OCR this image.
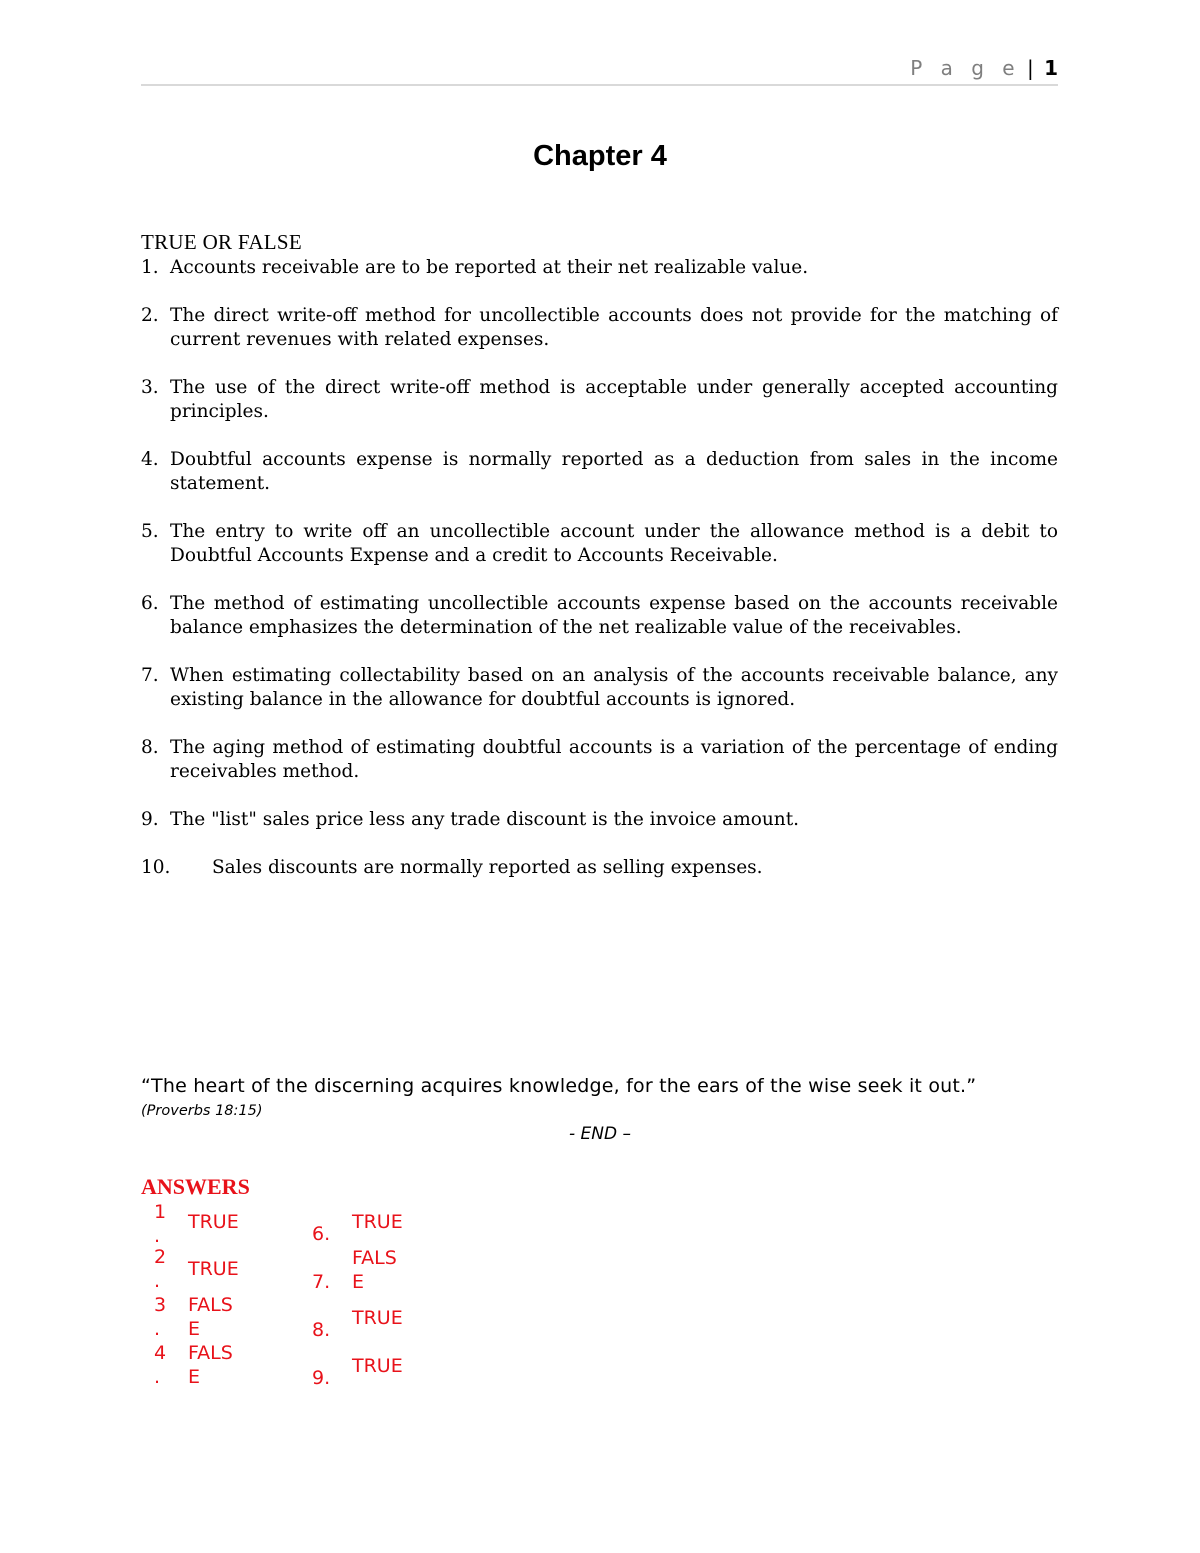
P a g e | 1
Chapter 4
TRUE OR FALSE
1. Accounts receivable are to be reported at their net realizable value.
2. The direct write-off method for uncollectible accounts does not provide for the matching of current revenues with related expenses.
3. The use of the direct write-off method is acceptable under generally accepted accounting principles.
4. Doubtful accounts expense is normally reported as a deduction from sales in the income statement.
5. The entry to write off an uncollectible account under the allowance method is a debit to Doubtful Accounts Expense and a credit to Accounts Receivable.
6. The method of estimating uncollectible accounts expense based on the accounts receivable balance emphasizes the determination of the net realizable value of the receivables.
7. When estimating collectability based on an analysis of the accounts receivable balance, any existing balance in the allowance for doubtful accounts is ignored.
8. The aging method of estimating doubtful accounts is a variation of the percentage of ending receivables method.
9. The "list" sales price less any trade discount is the invoice amount.
10. Sales discounts are normally reported as selling expenses.
“The heart of the discerning acquires knowledge, for the ears of the wise seek it out.”
(Proverbs 18:15)
- END –
ANSWERS
1
.
TRUE

2
.
TRUE

3
.
FALS
E
4
.
FALS
E
6.
TRUE
7.
FALS
E
8.
TRUE
9.
TRUE
